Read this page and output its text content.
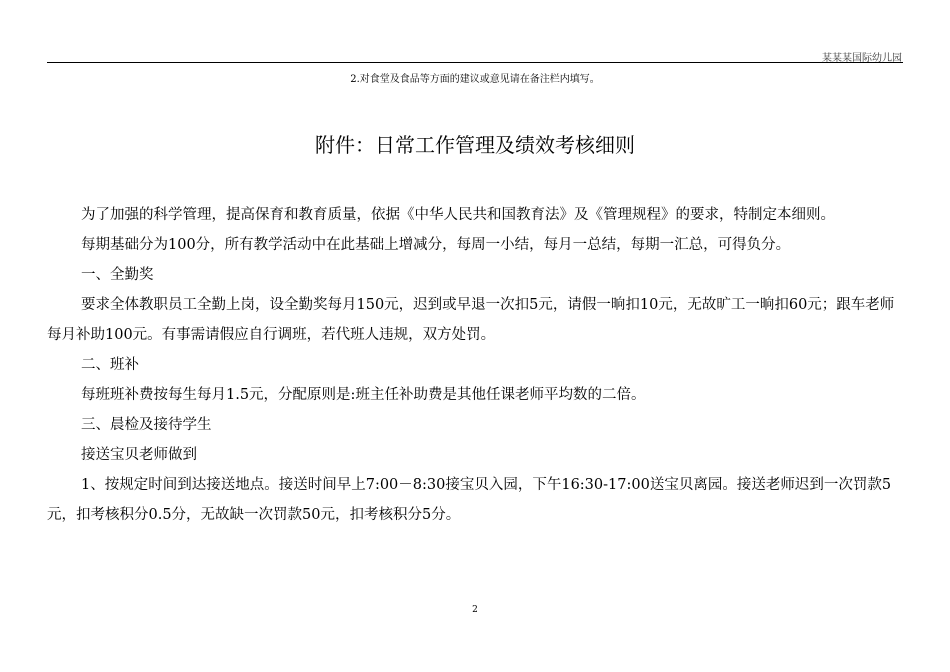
某某某国际幼儿园
2.对食堂及食品等方面的建议或意见请在备注栏内填写。
附件：日常工作管理及绩效考核细则

为了加强的科学管理，提高保育和教育质量，依据《中华人民共和国教育法》及《管理规程》的要求，特制定本细则。

每期基础分为100分，所有教学活动中在此基础上增减分，每周一小结，每月一总结，每期一汇总，可得负分。

一、全勤奖

要求全体教职员工全勤上岗，设全勤奖每月150元，迟到或早退一次扣5元，请假一晌扣10元，无故旷工一晌扣60元；跟车老师每月补助100元。有事需请假应自行调班，若代班人违规，双方处罚。

二、班补

每班班补费按每生每月1.5元，分配原则是:班主任补助费是其他任课老师平均数的二倍。

三、晨检及接待学生

接送宝贝老师做到

1、按规定时间到达接送地点。接送时间早上7:00－8:30接宝贝入园，下午16:30-17:00送宝贝离园。接送老师迟到一次罚款5元，扣考核积分0.5分，无故缺一次罚款50元，扣考核积分5分。

2
